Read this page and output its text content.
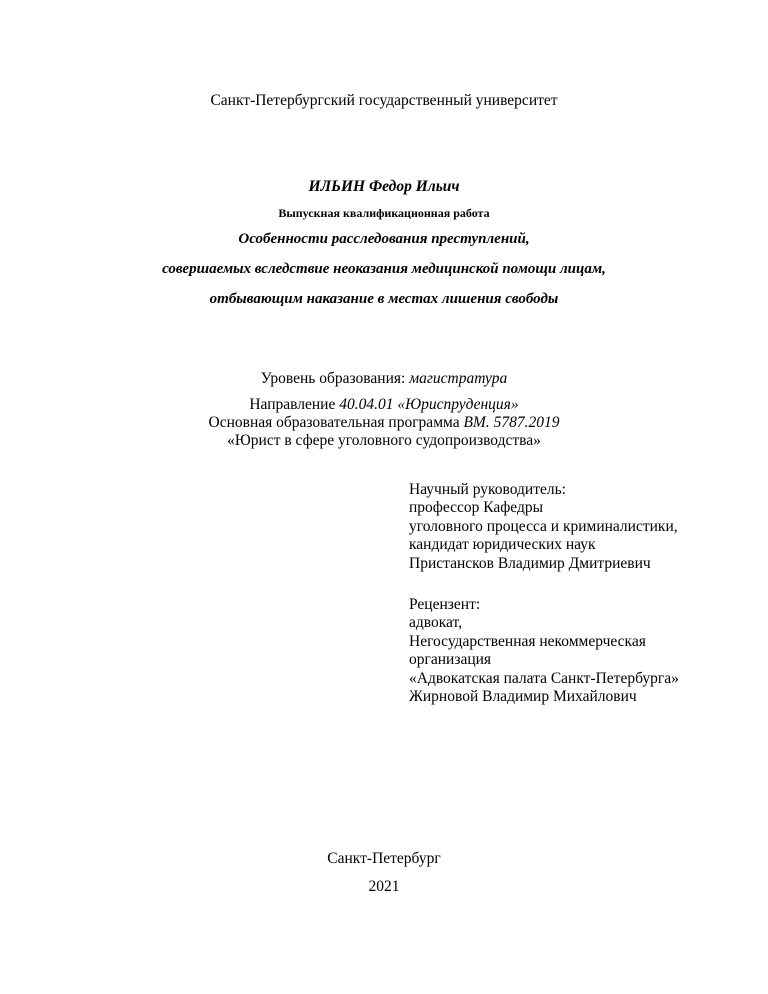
Санкт-Петербургский государственный университет
ИЛЬИН Федор Ильич
Выпускная квалификационная работа
Особенности расследования преступлений,
совершаемых вследствие неоказания медицинской помощи лицам,
отбывающим наказание в местах лишения свободы
Уровень образования: магистратура
Направление 40.04.01 «Юриспруденция»
Основная образовательная программа ВМ. 5787.2019
«Юрист в сфере уголовного судопроизводства»
Научный руководитель:
профессор Кафедры
уголовного процесса и криминалистики,
кандидат юридических наук
Пристансков Владимир Дмитриевич
Рецензент:
адвокат,
Негосударственная некоммерческая
организация
«Адвокатская палата Санкт-Петербурга»
Жирновой Владимир Михайлович
Санкт-Петербург
2021
